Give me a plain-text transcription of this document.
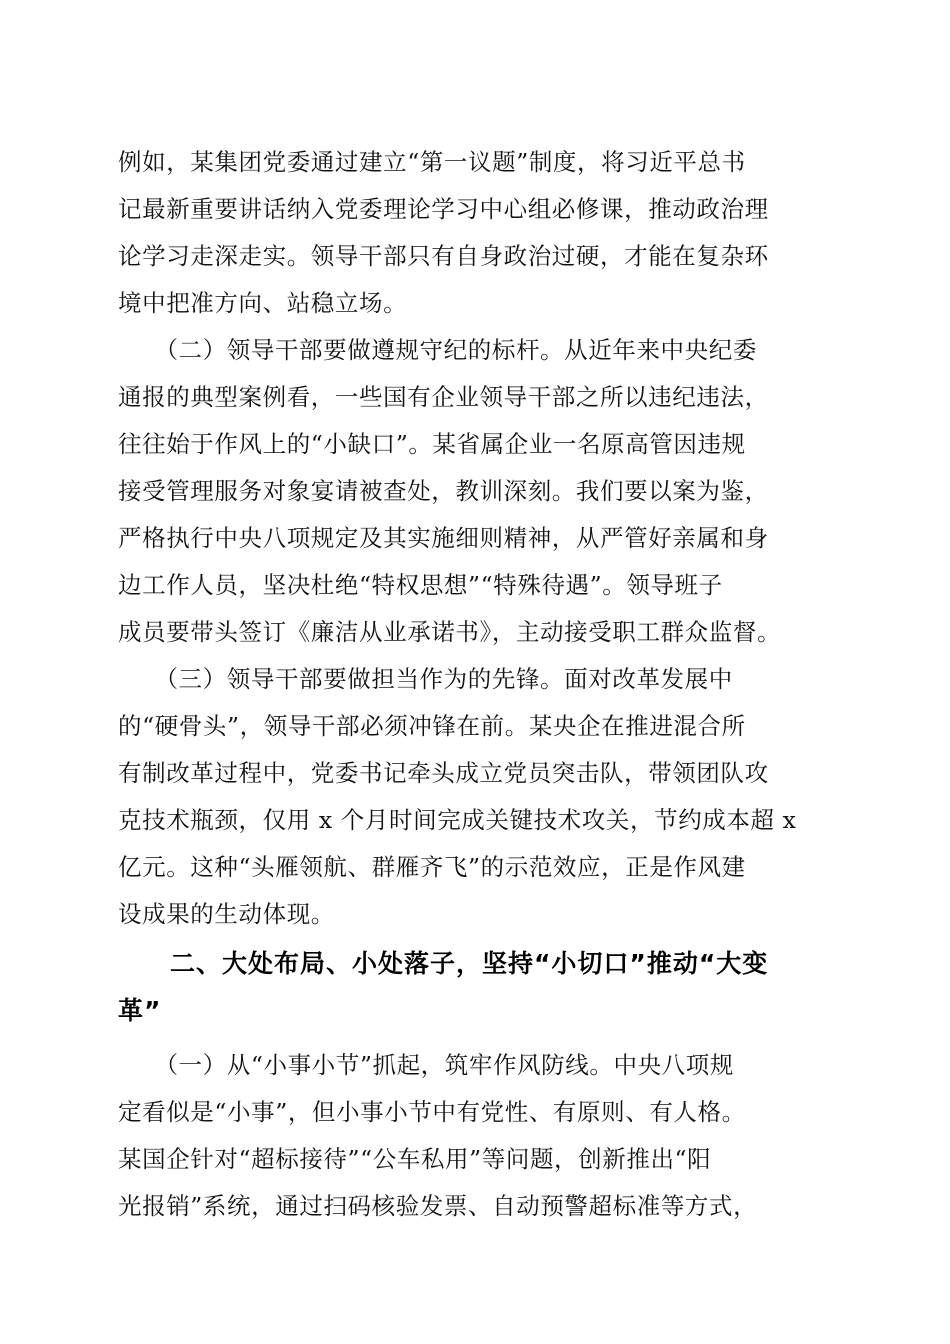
例如，某集团党委通过建立“第一议题”制度，将习近平总书
记最新重要讲话纳入党委理论学习中心组必修课，推动政治理
论学习走深走实。领导干部只有自身政治过硬，才能在复杂环
境中把准方向、站稳立场。
　　（二）领导干部要做遵规守纪的标杆。从近年来中央纪委
通报的典型案例看，一些国有企业领导干部之所以违纪违法，
往往始于作风上的“小缺口”。某省属企业一名原高管因违规
接受管理服务对象宴请被查处，教训深刻。我们要以案为鉴，
严格执行中央八项规定及其实施细则精神，从严管好亲属和身
边工作人员，坚决杜绝“特权思想”“特殊待遇”。领导班子
成员要带头签订《廉洁从业承诺书》，主动接受职工群众监督。
　　（三）领导干部要做担当作为的先锋。面对改革发展中
的“硬骨头”，领导干部必须冲锋在前。某央企在推进混合所
有制改革过程中，党委书记牵头成立党员突击队，带领团队攻
克技术瓶颈，仅用 x 个月时间完成关键技术攻关，节约成本超 x
亿元。这种“头雁领航、群雁齐飞”的示范效应，正是作风建
设成果的生动体现。
　　二、大处布局、小处落子，坚持“小切口”推动“大变
革”
　　（一）从“小事小节”抓起，筑牢作风防线。中央八项规
定看似是“小事”，但小事小节中有党性、有原则、有人格。
某国企针对“超标接待”“公车私用”等问题，创新推出“阳
光报销”系统，通过扫码核验发票、自动预警超标准等方式，
